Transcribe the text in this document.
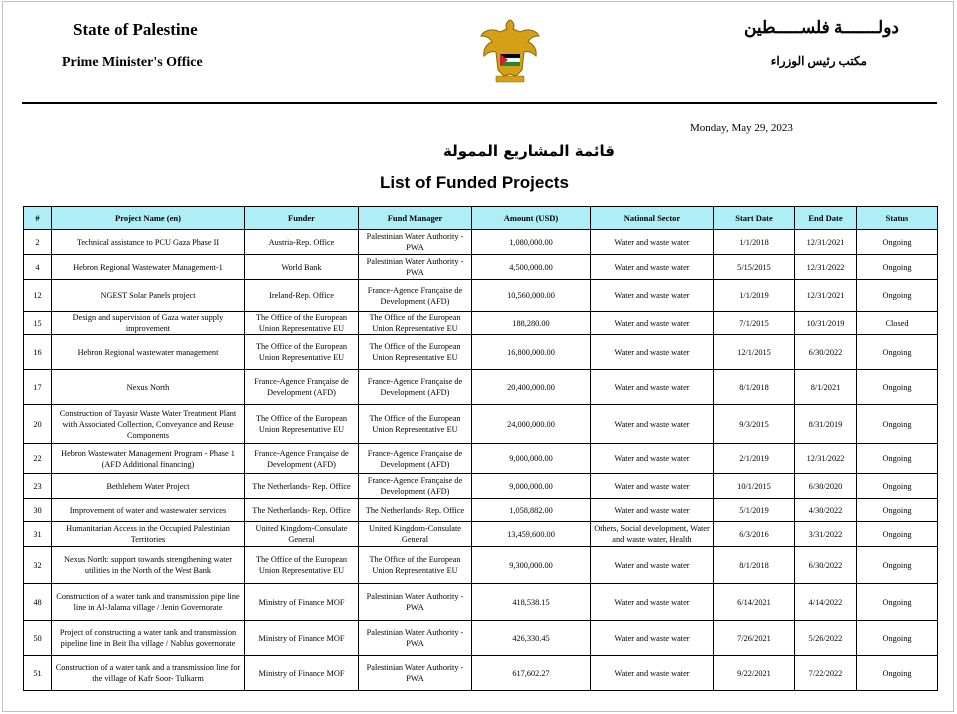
State of Palestine
Prime Minister's Office
دولـــــــة فلســـــطين
مكتب رئيس الوزراء
Monday, May 29, 2023
قائمة المشاريع الممولة
List of Funded Projects
#	Project Name (en)	Funder	Fund Manager	Amount (USD)	National Sector	Start Date	End Date	Status
2	Technical assistance to PCU Gaza Phase II	Austria-Rep. Office	Palestinian Water Authority - PWA	1,080,000.00	Water and waste water	1/1/2018	12/31/2021	Ongoing
4	Hebron Regional Wastewater Management-1	World Bank	Palestinian Water Authority - PWA	4,500,000.00	Water and waste water	5/15/2015	12/31/2022	Ongoing
12	NGEST Solar Panels project	Ireland-Rep. Office	France-Agence Française de Development (AFD)	10,560,000.00	Water and waste water	1/1/2019	12/31/2021	Ongoing
15	Design and supervision of Gaza water supply improvement	The Office of the European Union Representative EU	The Office of the European Union Representative EU	188,280.00	Water and waste water	7/1/2015	10/31/2019	Closed
16	Hebron Regional wastewater management	The Office of the European Union Representative EU	The Office of the European Union Representative EU	16,800,000.00	Water and waste water	12/1/2015	6/30/2022	Ongoing
17	Nexus North	France-Agence Française de Development (AFD)	France-Agence Française de Development (AFD)	20,400,000.00	Water and waste water	8/1/2018	8/1/2021	Ongoing
20	Construction of Tayasir Waste Water Treatment Plant with Associated Collection, Conveyance and Reuse Components	The Office of the European Union Representative EU	The Office of the European Union Representative EU	24,000,000.00	Water and waste water	9/3/2015	8/31/2019	Ongoing
22	Hebron Wastewater Management Program - Phase 1 (AFD Additional financing)	France-Agence Française de Development (AFD)	France-Agence Française de Development (AFD)	9,000,000.00	Water and waste water	2/1/2019	12/31/2022	Ongoing
23	Bethlehem Water Project	The Netherlands- Rep. Office	France-Agence Française de Development (AFD)	9,000,000.00	Water and waste water	10/1/2015	6/30/2020	Ongoing
30	Improvement of water and wastewater services	The Netherlands- Rep. Office	The Netherlands- Rep. Office	1,058,882.00	Water and waste water	5/1/2019	4/30/2022	Ongoing
31	Humanitarian Access in the Occupied Palestinian Territories	United Kingdom-Consulate General	United Kingdom-Consulate General	13,459,600.00	Others, Social development, Water and waste water, Health	6/3/2016	3/31/2022	Ongoing
32	Nexus North: support towards strengthening water utilities in the North of the West Bank	The Office of the European Union Representative EU	The Office of the European Union Representative EU	9,300,000.00	Water and waste water	8/1/2018	6/30/2022	Ongoing
48	Construction of a water tank and transmission pipe line line in Al-Jalama village / Jenin Governorate	Ministry of Finance MOF	Palestinian Water Authority - PWA	418,538.15	Water and waste water	6/14/2021	4/14/2022	Ongoing
50	Project of constructing a water tank and transmission pipeline line in Beit Iba village / Nablus governorate	Ministry of Finance MOF	Palestinian Water Authority - PWA	426,330.45	Water and waste water	7/26/2021	5/26/2022	Ongoing
51	Construction of a water tank and a transmission line for the village of Kafr Soor- Tulkarm	Ministry of Finance MOF	Palestinian Water Authority - PWA	617,602.27	Water and waste water	9/22/2021	7/22/2022	Ongoing
